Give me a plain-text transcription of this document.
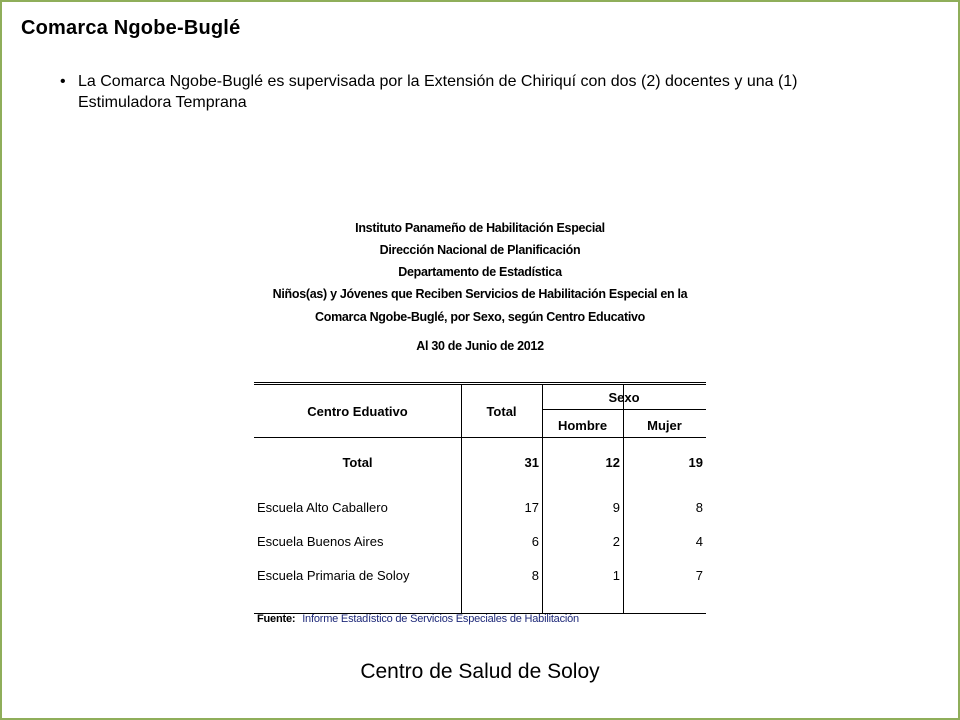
Comarca Ngobe-Buglé
• La Comarca Ngobe-Buglé es supervisada por la Extensión de Chiriquí con dos (2) docentes y una (1) Estimuladora Temprana
Instituto Panameño de Habilitación Especial
Dirección Nacional de Planificación
Departamento de Estadística
Niños(as) y Jóvenes que Reciben Servicios de Habilitación Especial en la
Comarca Ngobe-Buglé, por Sexo, según Centro Educativo
Al 30 de Junio de 2012
Centro Eduativo	Total
Sexo
Hombre	Mujer
Total	31	12	19
Escuela Alto Caballero	17	9	8
Escuela Buenos Aires	6	2	4
Escuela Primaria de Soloy	8	1	7
Fuente: Informe Estadístico de Servicios Especiales de Habilitación
Centro de Salud de Soloy
